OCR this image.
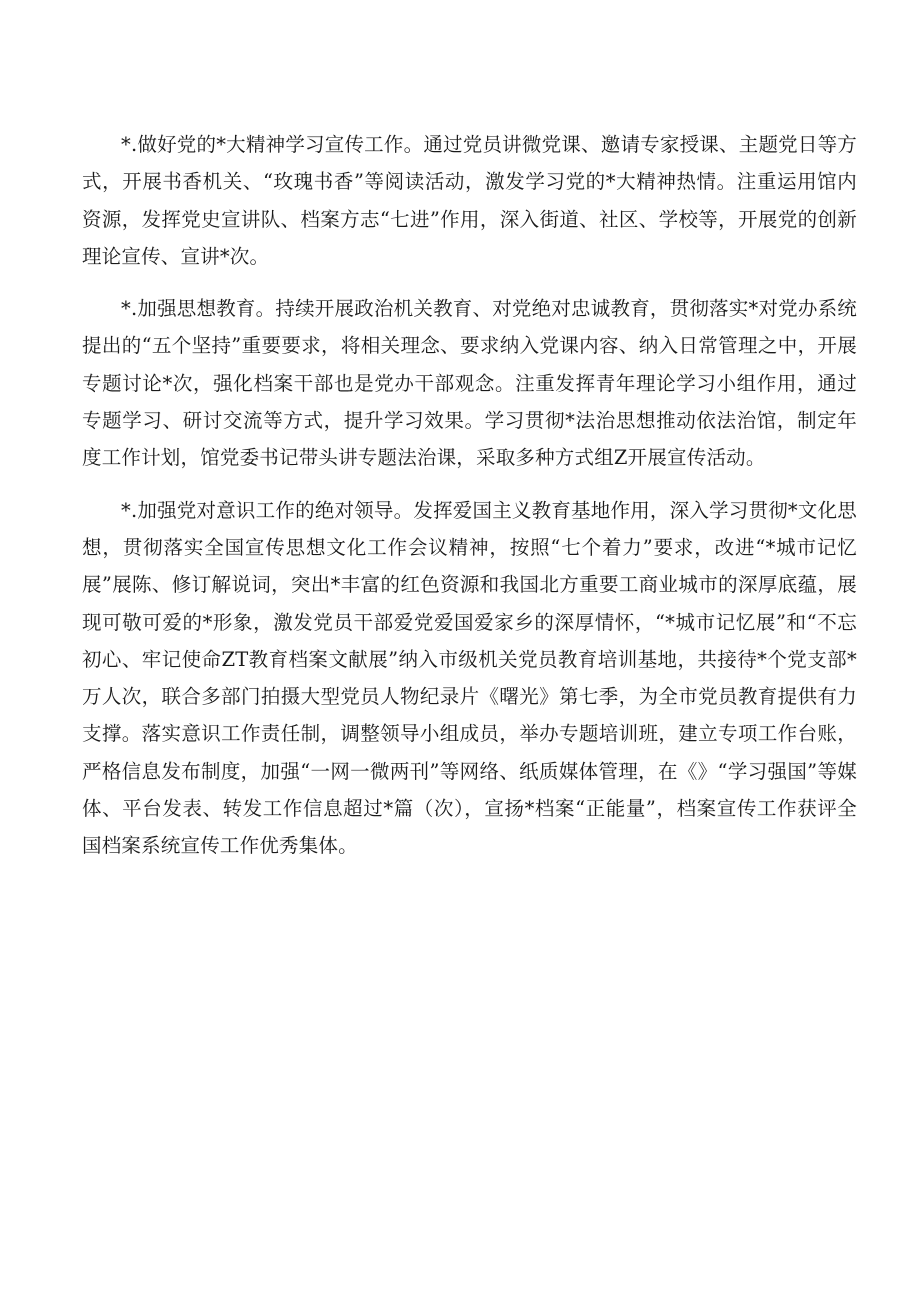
*.做好党的*大精神学习宣传工作。通过党员讲微党课、邀请专家授课、主题党日等方式，开展书香机关、“玫瑰书香”等阅读活动，激发学习党的*大精神热情。注重运用馆内资源，发挥党史宣讲队、档案方志“七进”作用，深入街道、社区、学校等，开展党的创新理论宣传、宣讲*次。

*.加强思想教育。持续开展政治机关教育、对党绝对忠诚教育，贯彻落实*对党办系统提出的“五个坚持”重要要求，将相关理念、要求纳入党课内容、纳入日常管理之中，开展专题讨论*次，强化档案干部也是党办干部观念。注重发挥青年理论学习小组作用，通过专题学习、研讨交流等方式，提升学习效果。学习贯彻*法治思想推动依法治馆，制定年度工作计划，馆党委书记带头讲专题法治课，采取多种方式组Z开展宣传活动。

*.加强党对意识工作的绝对领导。发挥爱国主义教育基地作用，深入学习贯彻*文化思想，贯彻落实全国宣传思想文化工作会议精神，按照“七个着力”要求，改进“*城市记忆展”展陈、修订解说词，突出*丰富的红色资源和我国北方重要工商业城市的深厚底蕴，展现可敬可爱的*形象，激发党员干部爱党爱国爱家乡的深厚情怀，“*城市记忆展”和“不忘初心、牢记使命ZT教育档案文献展”纳入市级机关党员教育培训基地，共接待*个党支部*万人次，联合多部门拍摄大型党员人物纪录片《曙光》第七季，为全市党员教育提供有力支撑。落实意识工作责任制，调整领导小组成员，举办专题培训班，建立专项工作台账，严格信息发布制度，加强“一网一微两刊”等网络、纸质媒体管理，在《》“学习强国”等媒体、平台发表、转发工作信息超过*篇（次），宣扬*档案“正能量”，档案宣传工作获评全国档案系统宣传工作优秀集体。
